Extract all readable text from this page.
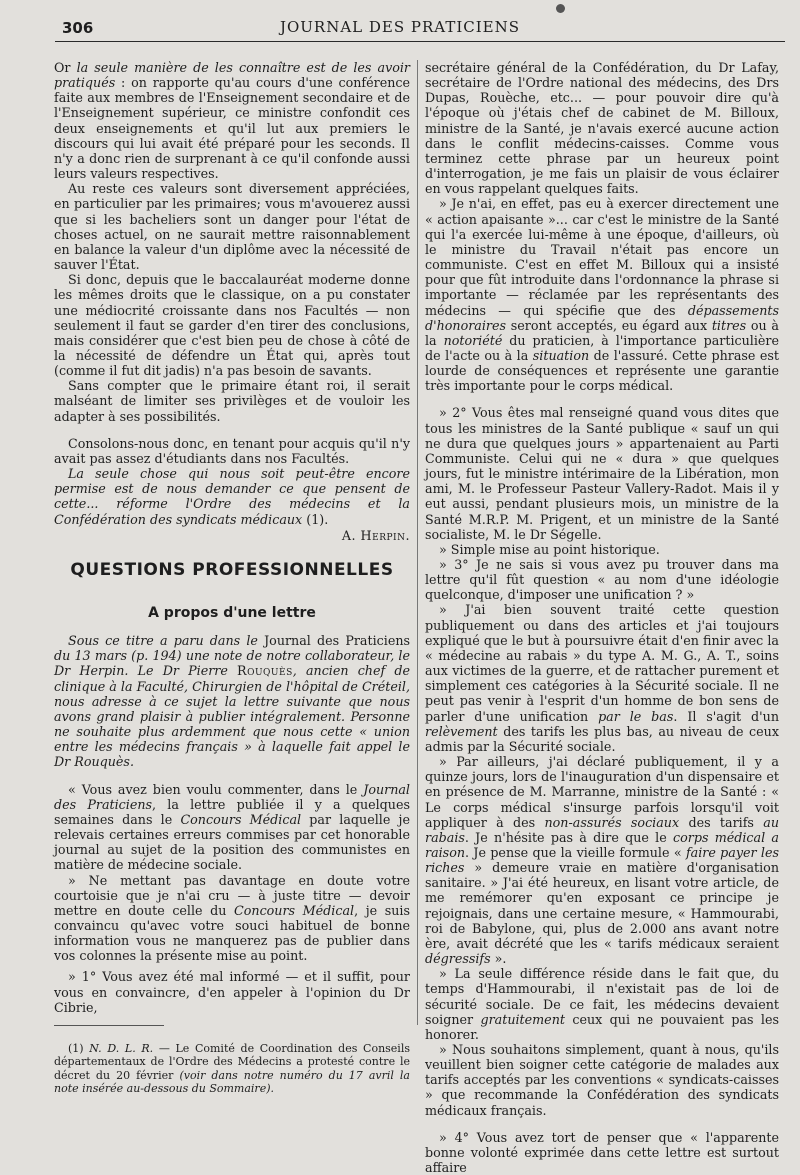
306	JOURNAL DES PRATICIENS

Or la seule manière de les connaître est de les avoir pratiqués : on rapporte qu'au cours d'une conférence faite aux membres de l'Enseignement secondaire et de l'Enseignement supérieur, ce ministre confondit ces deux enseignements et qu'il lut aux premiers le discours qui lui avait été préparé pour les seconds. Il n'y a donc rien de surprenant à ce qu'il confonde aussi leurs valeurs respectives.

Au reste ces valeurs sont diversement appréciées, en particulier par les primaires; vous m'avouerez aussi que si les bacheliers sont un danger pour l'état de choses actuel, on ne saurait mettre raisonnablement en balance la valeur d'un diplôme avec la nécessité de sauver l'État.

Si donc, depuis que le baccalauréat moderne donne les mêmes droits que le classique, on a pu constater une médiocrité croissante dans nos Facultés — non seulement il faut se garder d'en tirer des conclusions, mais considérer que c'est bien peu de chose à côté de la nécessité de défendre un État qui, après tout (comme il fut dit jadis) n'a pas besoin de savants.

Sans compter que le primaire étant roi, il serait malséant de limiter ses privilèges et de vouloir les adapter à ses possibilités.

Consolons-nous donc, en tenant pour acquis qu'il n'y avait pas assez d'étudiants dans nos Facultés.

La seule chose qui nous soit peut-être encore permise est de nous demander ce que pensent de cette... réforme l'Ordre des médecins et la Confédération des syndicats médicaux (1).

A. Herpin.

QUESTIONS PROFESSIONNELLES
A propos d'une lettre

Sous ce titre a paru dans le Journal des Praticiens du 13 mars (p. 194) une note de notre collaborateur, le Dr Herpin. Le Dr Pierre Rouquès, ancien chef de clinique à la Faculté, Chirurgien de l'hôpital de Créteil, nous adresse à ce sujet la lettre suivante que nous avons grand plaisir à publier intégralement. Personne ne souhaite plus ardemment que nous cette « union entre les médecins français » à laquelle fait appel le Dr Rouquès.

« Vous avez bien voulu commenter, dans le Journal des Praticiens, la lettre publiée il y a quelques semaines dans le Concours Médical par laquelle je relevais certaines erreurs commises par cet honorable journal au sujet de la position des communistes en matière de médecine sociale.

» Ne mettant pas davantage en doute votre courtoisie que je n'ai cru — à juste titre — devoir mettre en doute celle du Concours Médical, je suis convaincu qu'avec votre souci habituel de bonne information vous ne manquerez pas de publier dans vos colonnes la présente mise au point.

» 1° Vous avez été mal informé — et il suffit, pour vous en convaincre, d'en appeler à l'opinion du Dr Cibrie,

(1) N. D. L. R. — Le Comité de Coordination des Conseils départementaux de l'Ordre des Médecins a protesté contre le décret du 20 février (voir dans notre numéro du 17 avril la note insérée au-dessous du Sommaire).

secrétaire général de la Confédération, du Dr Lafay, secrétaire de l'Ordre national des médecins, des Drs Dupas, Rouèche, etc... — pour pouvoir dire qu'à l'époque où j'étais chef de cabinet de M. Billoux, ministre de la Santé, je n'avais exercé aucune action dans le conflit médecins-caisses. Comme vous terminez cette phrase par un heureux point d'interrogation, je me fais un plaisir de vous éclairer en vous rappelant quelques faits.

» Je n'ai, en effet, pas eu à exercer directement une « action apaisante »... car c'est le ministre de la Santé qui l'a exercée lui-même à une époque, d'ailleurs, où le ministre du Travail n'était pas encore un communiste. C'est en effet M. Billoux qui a insisté pour que fût introduite dans l'ordonnance la phrase si importante — réclamée par les représentants des médecins — qui spécifie que des dépassements d'honoraires seront acceptés, eu égard aux titres ou à la notoriété du praticien, à l'importance particulière de l'acte ou à la situation de l'assuré. Cette phrase est lourde de conséquences et représente une garantie très importante pour le corps médical.

» 2° Vous êtes mal renseigné quand vous dites que tous les ministres de la Santé publique « sauf un qui ne dura que quelques jours » appartenaient au Parti Communiste. Celui qui ne « dura » que quelques jours, fut le ministre intérimaire de la Libération, mon ami, M. le Professeur Pasteur Vallery-Radot. Mais il y eut aussi, pendant plusieurs mois, un ministre de la Santé M.R.P. M. Prigent, et un ministre de la Santé socialiste, M. le Dr Ségelle.

» Simple mise au point historique.

» 3° Je ne sais si vous avez pu trouver dans ma lettre qu'il fût question « au nom d'une idéologie quelconque, d'imposer une unification ? »

» J'ai bien souvent traité cette question publiquement ou dans des articles et j'ai toujours expliqué que le but à poursuivre était d'en finir avec la « médecine au rabais » du type A. M. G., A. T., soins aux victimes de la guerre, et de rattacher purement et simplement ces catégories à la Sécurité sociale. Il ne peut pas venir à l'esprit d'un homme de bon sens de parler d'une unification par le bas. Il s'agit d'un relèvement des tarifs les plus bas, au niveau de ceux admis par la Sécurité sociale.

» Par ailleurs, j'ai déclaré publiquement, il y a quinze jours, lors de l'inauguration d'un dispensaire et en présence de M. Marranne, ministre de la Santé : « Le corps médical s'insurge parfois lorsqu'il voit appliquer à des non-assurés sociaux des tarifs au rabais. Je n'hésite pas à dire que le corps médical a raison. Je pense que la vieille formule « faire payer les riches » demeure vraie en matière d'organisation sanitaire. » J'ai été heureux, en lisant votre article, de me remémorer qu'en exposant ce principe je rejoignais, dans une certaine mesure, « Hammourabi, roi de Babylone, qui, plus de 2.000 ans avant notre ère, avait décrété que les « tarifs médicaux seraient dégressifs ».

» La seule différence réside dans le fait que, du temps d'Hammourabi, il n'existait pas de loi de sécurité sociale. De ce fait, les médecins devaient soigner gratuitement ceux qui ne pouvaient pas les honorer.

» Nous souhaitons simplement, quant à nous, qu'ils veuillent bien soigner cette catégorie de malades aux tarifs acceptés par les conventions « syndicats-caisses » que recommande la Confédération des syndicats médicaux français.

» 4° Vous avez tort de penser que « l'apparente bonne volonté exprimée dans cette lettre est surtout affaire
